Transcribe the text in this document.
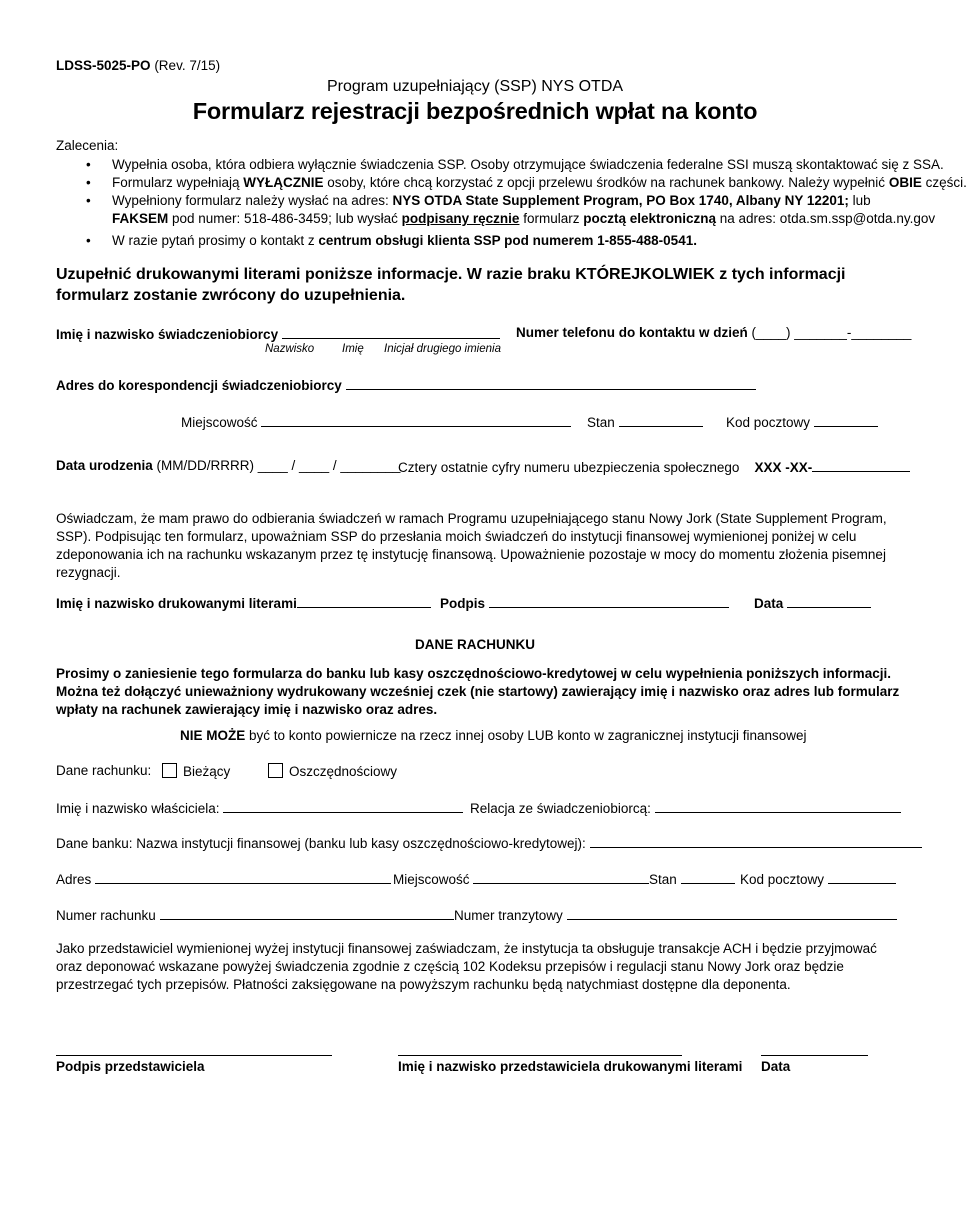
LDSS-5025-PO (Rev. 7/15)
Program uzupełniający (SSP) NYS OTDA
Formularz rejestracji bezpośrednich wpłat na konto
Zalecenia:
• Wypełnia osoba, która odbiera wyłącznie świadczenia SSP. Osoby otrzymujące świadczenia federalne SSI muszą skontaktować się z SSA.
• Formularz wypełniają WYŁĄCZNIE osoby, które chcą korzystać z opcji przelewu środków na rachunek bankowy. Należy wypełnić OBIE części.
• Wypełniony formularz należy wysłać na adres: NYS OTDA State Supplement Program, PO Box 1740, Albany NY 12201; lub
FAKSEM pod numer: 518-486-3459; lub wysłać podpisany ręcznie formularz pocztą elektroniczną na adres: otda.sm.ssp@otda.ny.gov
• W razie pytań prosimy o kontakt z centrum obsługi klienta SSP pod numerem 1-855-488-0541.
Uzupełnić drukowanymi literami poniższe informacje. W razie braku KTÓREJKOLWIEK z tych informacji formularz zostanie zwrócony do uzupełnienia.
Imię i nazwisko świadczeniobiorcy	Numer telefonu do kontaktu w dzień (____) _______-________
Nazwisko Imię Inicjał drugiego imienia
Adres do korespondencji świadczeniobiorcy
Miejscowość	Stan	Kod pocztowy
Data urodzenia (MM/DD/RRRR) ____ / ____ / ________
Cztery ostatnie cyfry numeru ubezpieczenia społecznego XXX -XX-
Oświadczam, że mam prawo do odbierania świadczeń w ramach Programu uzupełniającego stanu Nowy Jork (State Supplement Program, SSP). Podpisując ten formularz, upoważniam SSP do przesłania moich świadczeń do instytucji finansowej wymienionej poniżej w celu zdeponowania ich na rachunku wskazanym przez tę instytucję finansową. Upoważnienie pozostaje w mocy do momentu złożenia pisemnej rezygnacji.
Imię i nazwisko drukowanymi literami	Podpis	Data
DANE RACHUNKU
Prosimy o zaniesienie tego formularza do banku lub kasy oszczędnościowo-kredytowej w celu wypełnienia poniższych informacji. Można też dołączyć unieważniony wydrukowany wcześniej czek (nie startowy) zawierający imię i nazwisko oraz adres lub formularz wpłaty na rachunek zawierający imię i nazwisko oraz adres.
NIE MOŻE być to konto powiernicze na rzecz innej osoby LUB konto w zagranicznej instytucji finansowej
Dane rachunku:	Bieżący	Oszczędnościowy
Imię i nazwisko właściciela:	Relacja ze świadczeniobiorcą:
Dane banku: Nazwa instytucji finansowej (banku lub kasy oszczędnościowo-kredytowej):
Adres	Miejscowość	Stan	Kod pocztowy
Numer rachunku	Numer tranzytowy
Jako przedstawiciel wymienionej wyżej instytucji finansowej zaświadczam, że instytucja ta obsługuje transakcje ACH i będzie przyjmować oraz deponować wskazane powyżej świadczenia zgodnie z częścią 102 Kodeksu przepisów i regulacji stanu Nowy Jork oraz będzie przestrzegać tych przepisów. Płatności zaksięgowane na powyższym rachunku będą natychmiast dostępne dla deponenta.
Podpis przedstawiciela	Imię i nazwisko przedstawiciela drukowanymi literami Data
